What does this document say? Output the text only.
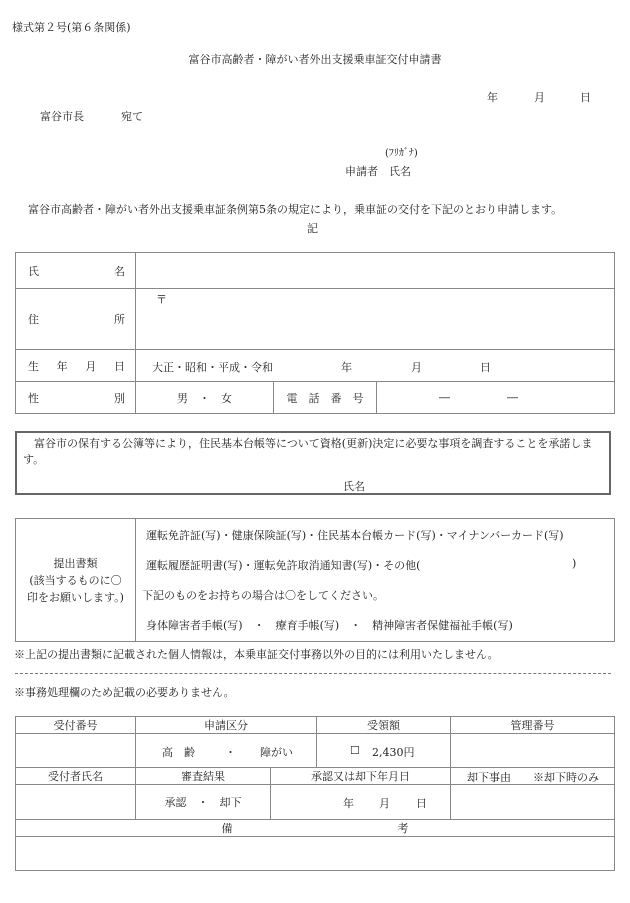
様式第２号(第６条関係)
富谷市高齢者・障がい者外出支援乗車証交付申請書
年	月	日
富谷市長	宛て
(ﾌﾘｶﾞﾅ)
申請者　氏名
富谷市高齢者・障がい者外出支援乗車証条例第5条の規定により，乗車証の交付を下記のとおり申請します。
記
氏 名			

住 所	〒		

生 年 月 日	大正・昭和・平成・令和 年 月 日		

性 別	男　・　女	電　話　番　号	― ―
富谷市の保有する公簿等により，住民基本台帳等について資格(更新)決定に必要な事項を調査することを承諾します。
氏名
提出書類
(該当するものに〇
印をお願いします。)

運転免許証(写)・健康保険証(写)・住民基本台帳カード(写)・マイナンバーカード(写)
運転履歴証明書(写)・運転免許取消通知書(写)・その他(	)
下記のものをお持ちの場合は〇をしてください。
身体障害者手帳(写)　・　療育手帳(写)　・　精神障害者保健福祉手帳(写)
※上記の提出書類に記載された個人情報は，本乗車証交付事務以外の目的には利用いたしません。
※事務処理欄のため記載の必要ありません。
受付番号	申請区分		受領額	管理番号

	高　齢 ・ 障がい		☐ 2,430円	

受付者氏名	審査結果	承認又は却下年月日		却下事由 ※却下時のみ

	承認　・　却下	年 月 日		

備　　　　　　　　　　　　　　　考				
